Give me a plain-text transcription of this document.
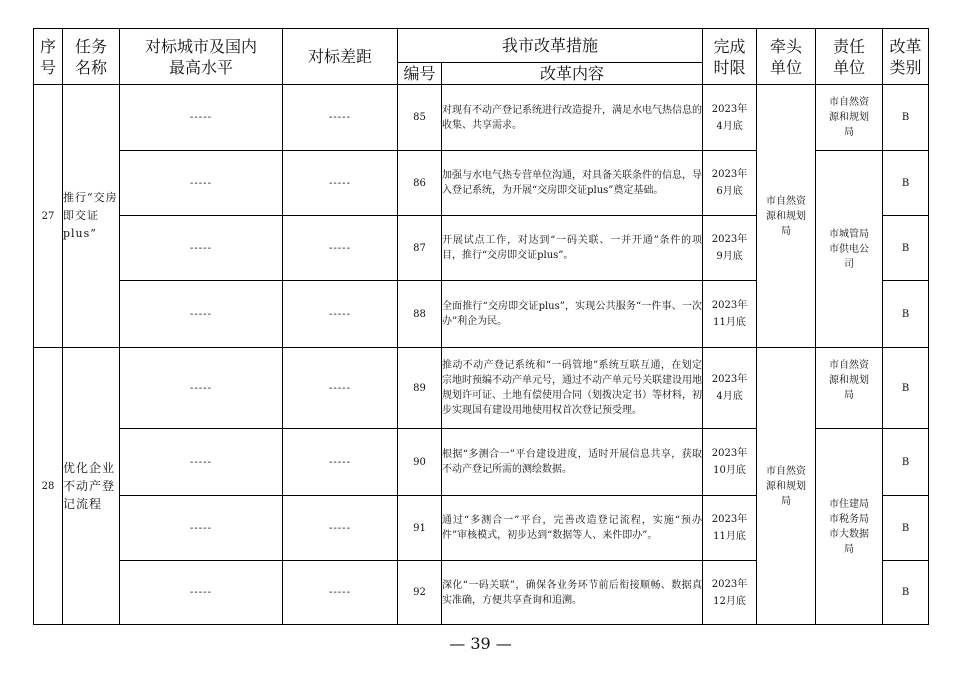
序号	任务名称	对标城市及国内最高水平	对标差距	我市改革措施		完成时限	牵头单位	责任单位	改革类别
				编号	改革内容				
27	推行“交房即交证plus”	-----	-----	85	对现有不动产登记系统进行改造提升，满足水电气热信息的收集、共享需求。	2023年4月底	市自然资源和规划局	市自然资源和规划局	B
		-----	-----	86	加强与水电气热专营单位沟通，对具备关联条件的信息，导入登记系统，为开展“交房即交证plus”奠定基础。	2023年6月底		市城管局市供电公司	B
		-----	-----	87	开展试点工作，对达到“一码关联、一并开通”条件的项目，推行“交房即交证plus”。	2023年9月底			B
		-----	-----	88	全面推行“交房即交证plus”，实现公共服务“一件事、一次办”利企为民。	2023年11月底			B
28	优化企业不动产登记流程	-----	-----	89	推动不动产登记系统和“一码管地”系统互联互通，在划定宗地时预编不动产单元号，通过不动产单元号关联建设用地规划许可证、土地有偿使用合同（划拨决定书）等材料，初步实现国有建设用地使用权首次登记预受理。	2023年4月底	市自然资源和规划局	市自然资源和规划局	B
		-----	-----	90	根据“多测合一”平台建设进度，适时开展信息共享，获取不动产登记所需的测绘数据。	2023年10月底		市住建局市税务局市大数据局	B
		-----	-----	91	通过“多测合一”平台，完善改造登记流程，实施“预办件”审核模式，初步达到“数据等人、来件即办”。	2023年11月底			B
		-----	-----	92	深化“一码关联”，确保各业务环节前后衔接顺畅、数据真实准确，方便共享查询和追溯。	2023年12月底			B
— 39 —
